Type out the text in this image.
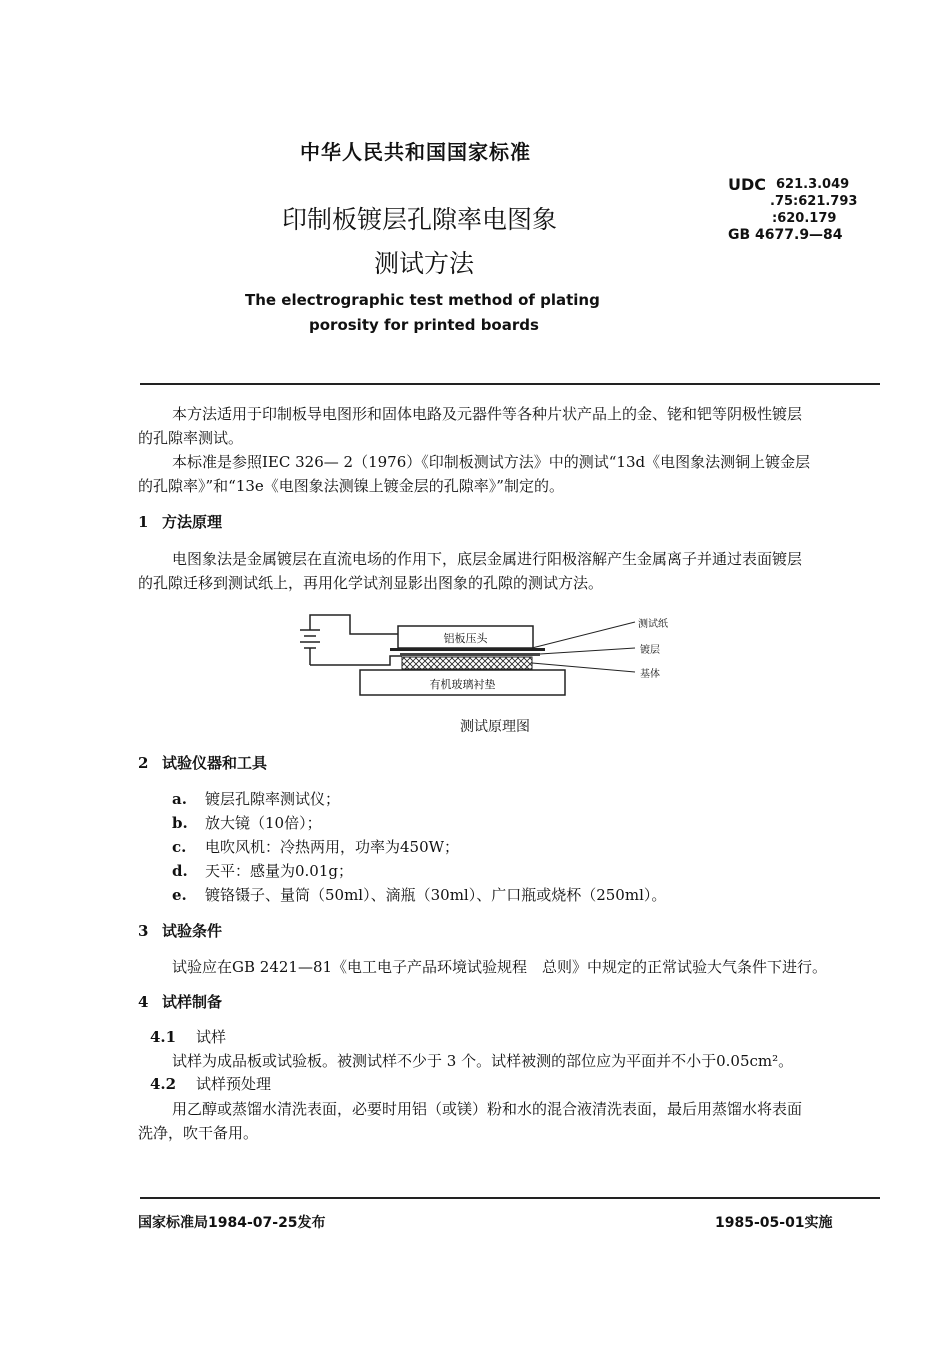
中华人民共和国国家标准
印制板镀层孔隙率电图象
测试方法
The electrographic test method of plating
porosity for printed boards
UDC 621.3.049
.75:621.793
:620.179
GB 4677.9—84
本方法适用于印制板导电图形和固体电路及元器件等各种片状产品上的金、铑和钯等阴极性镀层
的孔隙率测试。
本标准是参照IEC 326— 2（1976）《印制板测试方法》中的测试“13d《电图象法测铜上镀金层
的孔隙率》”和“13e《电图象法测镍上镀金层的孔隙率》”制定的。
1 方法原理
电图象法是金属镀层在直流电场的作用下，底层金属进行阳极溶解产生金属离子并通过表面镀层
的孔隙迁移到测试纸上，再用化学试剂显影出图象的孔隙的测试方法。
铝板压头
有机玻璃衬垫
测试纸
镀层
基体
测试原理图
2 试验仪器和工具
a. 镀层孔隙率测试仪；
b. 放大镜（10倍）；
c. 电吹风机：冷热两用，功率为450W；
d. 天平：感量为0.01g；
e. 镀铬镊子、量筒（50ml）、滴瓶（30ml）、广口瓶或烧杯（250ml）。
3 试验条件
试验应在GB 2421—81《电工电子产品环境试验规程　总则》中规定的正常试验大气条件下进行。
4 试样制备
4.1 试样
试样为成品板或试验板。被测试样不少于 3 个。试样被测的部位应为平面并不小于0.05cm²。
4.2 试样预处理
用乙醇或蒸馏水清洗表面，必要时用铝（或镁）粉和水的混合液清洗表面，最后用蒸馏水将表面
洗净，吹干备用。
国家标准局1984-07-25发布	1985-05-01实施
